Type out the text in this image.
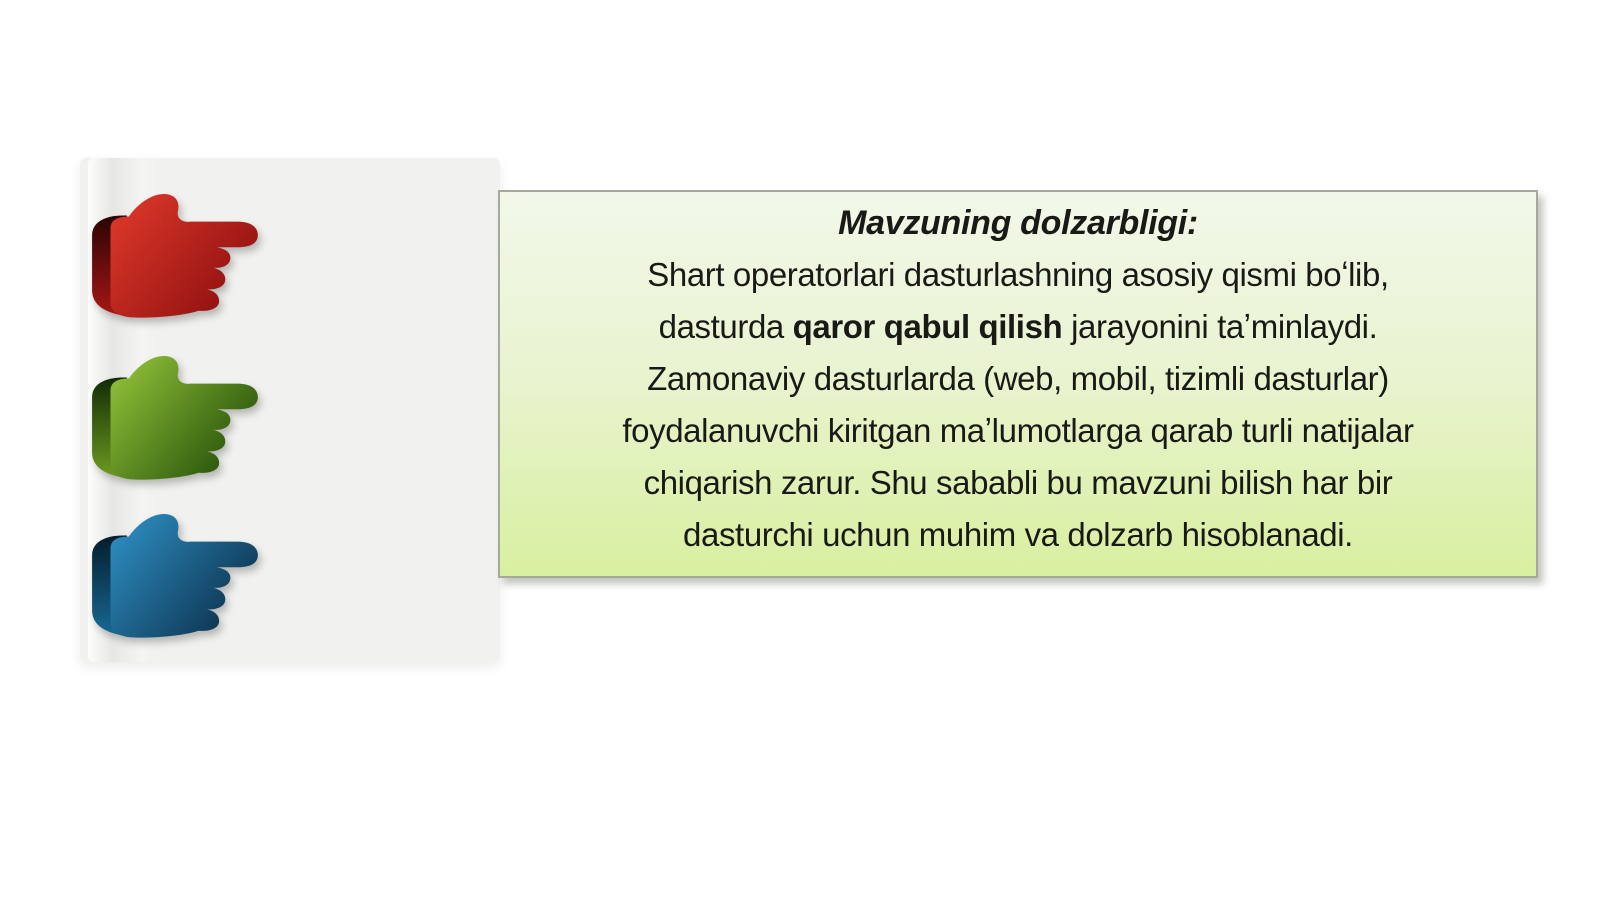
Mavzuning dolzarbligi:
Shart operatorlari dasturlashning asosiy qismi boʻlib,
dasturda qaror qabul qilish jarayonini taʼminlaydi.
Zamonaviy dasturlarda (web, mobil, tizimli dasturlar)
foydalanuvchi kiritgan maʼlumotlarga qarab turli natijalar
chiqarish zarur. Shu sababli bu mavzuni bilish har bir
dasturchi uchun muhim va dolzarb hisoblanadi.
